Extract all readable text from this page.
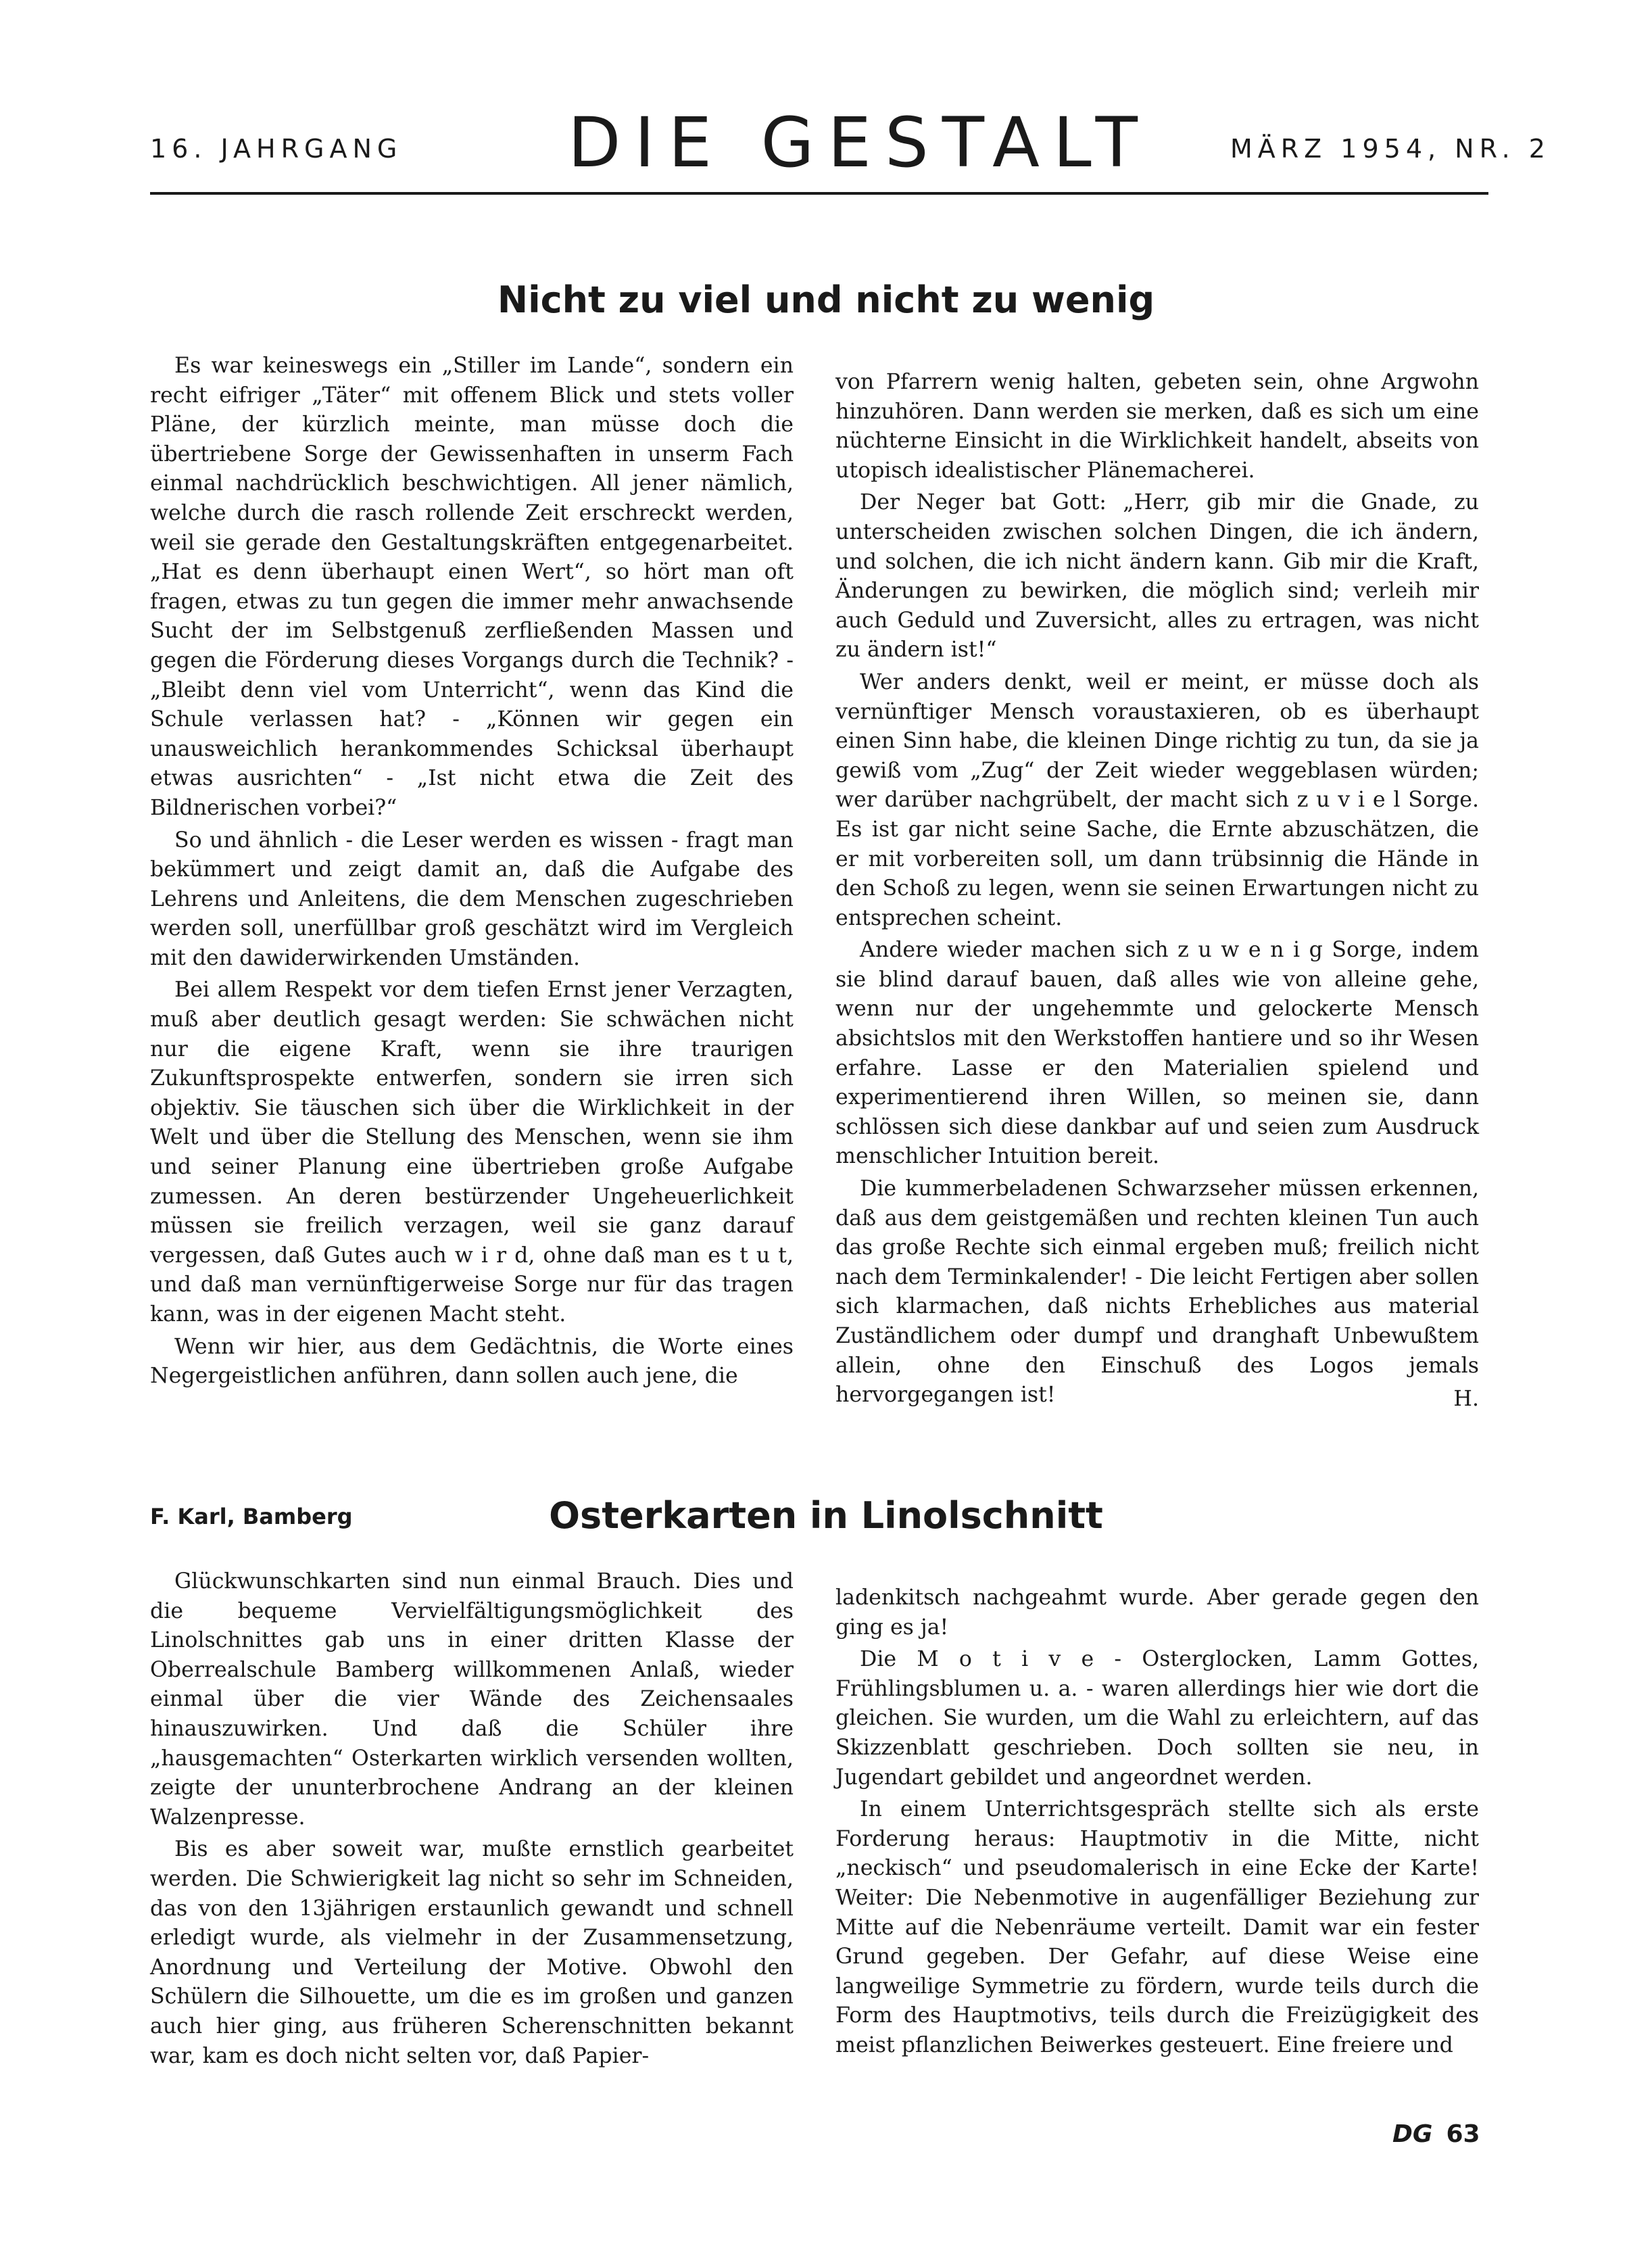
16. JAHRGANG DIE GESTALT	MÄRZ 1954, NR. 2
Nicht zu viel und nicht zu wenig

Es war keineswegs ein „Stiller im Lande“, sondern ein recht eifriger „Täter“ mit offenem Blick und stets voller Pläne, der kürzlich meinte, man müsse doch die übertriebene Sorge der Gewissenhaften in unserm Fach einmal nachdrücklich beschwichtigen. All jener nämlich, welche durch die rasch rollende Zeit erschreckt werden, weil sie gerade den Gestaltungskräften entgegenarbeitet. „Hat es denn überhaupt einen Wert“, so hört man oft fragen, etwas zu tun gegen die immer mehr anwachsende Sucht der im Selbstgenuß zerfließenden Massen und gegen die Förderung dieses Vorgangs durch die Technik? - „Bleibt denn viel vom Unterricht“, wenn das Kind die Schule verlassen hat? - „Können wir gegen ein unausweichlich herankommendes Schicksal überhaupt etwas ausrichten“ - „Ist nicht etwa die Zeit des Bildnerischen vorbei?“

So und ähnlich - die Leser werden es wissen - fragt man bekümmert und zeigt damit an, daß die Aufgabe des Lehrens und Anleitens, die dem Menschen zugeschrieben werden soll, unerfüllbar groß geschätzt wird im Vergleich mit den dawiderwirkenden Umständen.

Bei allem Respekt vor dem tiefen Ernst jener Verzagten, muß aber deutlich gesagt werden: Sie schwächen nicht nur die eigene Kraft, wenn sie ihre traurigen Zukunftsprospekte entwerfen, sondern sie irren sich objektiv. Sie täuschen sich über die Wirklichkeit in der Welt und über die Stellung des Menschen, wenn sie ihm und seiner Planung eine übertrieben große Aufgabe zumessen. An deren bestürzender Ungeheuerlichkeit müssen sie freilich verzagen, weil sie ganz darauf vergessen, daß Gutes auch w i r d, ohne daß man es t u t, und daß man vernünftigerweise Sorge nur für das tragen kann, was in der eigenen Macht steht.

Wenn wir hier, aus dem Gedächtnis, die Worte eines Negergeistlichen anführen, dann sollen auch jene, die

von Pfarrern wenig halten, gebeten sein, ohne Argwohn hinzuhören. Dann werden sie merken, daß es sich um eine nüchterne Einsicht in die Wirklichkeit handelt, abseits von utopisch idealistischer Plänemacherei.

Der Neger bat Gott: „Herr, gib mir die Gnade, zu unterscheiden zwischen solchen Dingen, die ich ändern, und solchen, die ich nicht ändern kann. Gib mir die Kraft, Änderungen zu bewirken, die möglich sind; verleih mir auch Geduld und Zuversicht, alles zu ertragen, was nicht zu ändern ist!“

Wer anders denkt, weil er meint, er müsse doch als vernünftiger Mensch voraustaxieren, ob es überhaupt einen Sinn habe, die kleinen Dinge richtig zu tun, da sie ja gewiß vom „Zug“ der Zeit wieder weggeblasen würden; wer darüber nachgrübelt, der macht sich z u v i e l Sorge. Es ist gar nicht seine Sache, die Ernte abzuschätzen, die er mit vorbereiten soll, um dann trübsinnig die Hände in den Schoß zu legen, wenn sie seinen Erwartungen nicht zu entsprechen scheint.

Andere wieder machen sich z u w e n i g Sorge, indem sie blind darauf bauen, daß alles wie von alleine gehe, wenn nur der ungehemmte und gelockerte Mensch absichtslos mit den Werkstoffen hantiere und so ihr Wesen erfahre. Lasse er den Materialien spielend und experimentierend ihren Willen, so meinen sie, dann schlössen sich diese dankbar auf und seien zum Ausdruck menschlicher Intuition bereit.

Die kummerbeladenen Schwarzseher müssen erkennen, daß aus dem geistgemäßen und rechten kleinen Tun auch das große Rechte sich einmal ergeben muß; freilich nicht nach dem Terminkalender! - Die leicht Fertigen aber sollen sich klarmachen, daß nichts Erhebliches aus material Zuständlichem oder dumpf und dranghaft Unbewußtem allein, ohne den Einschuß des Logos jemals hervorgegangen ist!	H.
F. Karl, Bamberg	Osterkarten in Linolschnitt

Glückwunschkarten sind nun einmal Brauch. Dies und die bequeme Vervielfältigungsmöglichkeit des Linolschnittes gab uns in einer dritten Klasse der Oberrealschule Bamberg willkommenen Anlaß, wieder einmal über die vier Wände des Zeichensaales hinauszuwirken. Und daß die Schüler ihre „hausgemachten“ Osterkarten wirklich versenden wollten, zeigte der ununterbrochene Andrang an der kleinen Walzenpresse.

Bis es aber soweit war, mußte ernstlich gearbeitet werden. Die Schwierigkeit lag nicht so sehr im Schneiden, das von den 13jährigen erstaunlich gewandt und schnell erledigt wurde, als vielmehr in der Zusammensetzung, Anordnung und Verteilung der Motive. Obwohl den Schülern die Silhouette, um die es im großen und ganzen auch hier ging, aus früheren Scherenschnitten bekannt war, kam es doch nicht selten vor, daß Papier-

ladenkitsch nachgeahmt wurde. Aber gerade gegen den ging es ja!

Die M o t i v e - Osterglocken, Lamm Gottes, Frühlingsblumen u. a. - waren allerdings hier wie dort die gleichen. Sie wurden, um die Wahl zu erleichtern, auf das Skizzenblatt geschrieben. Doch sollten sie neu, in Jugendart gebildet und angeordnet werden.

In einem Unterrichtsgespräch stellte sich als erste Forderung heraus: Hauptmotiv in die Mitte, nicht „neckisch“ und pseudomalerisch in eine Ecke der Karte! Weiter: Die Nebenmotive in augenfälliger Beziehung zur Mitte auf die Nebenräume verteilt. Damit war ein fester Grund gegeben. Der Gefahr, auf diese Weise eine langweilige Symmetrie zu fördern, wurde teils durch die Form des Hauptmotivs, teils durch die Freizügigkeit des meist pflanzlichen Beiwerkes gesteuert. Eine freiere und

DG 63
